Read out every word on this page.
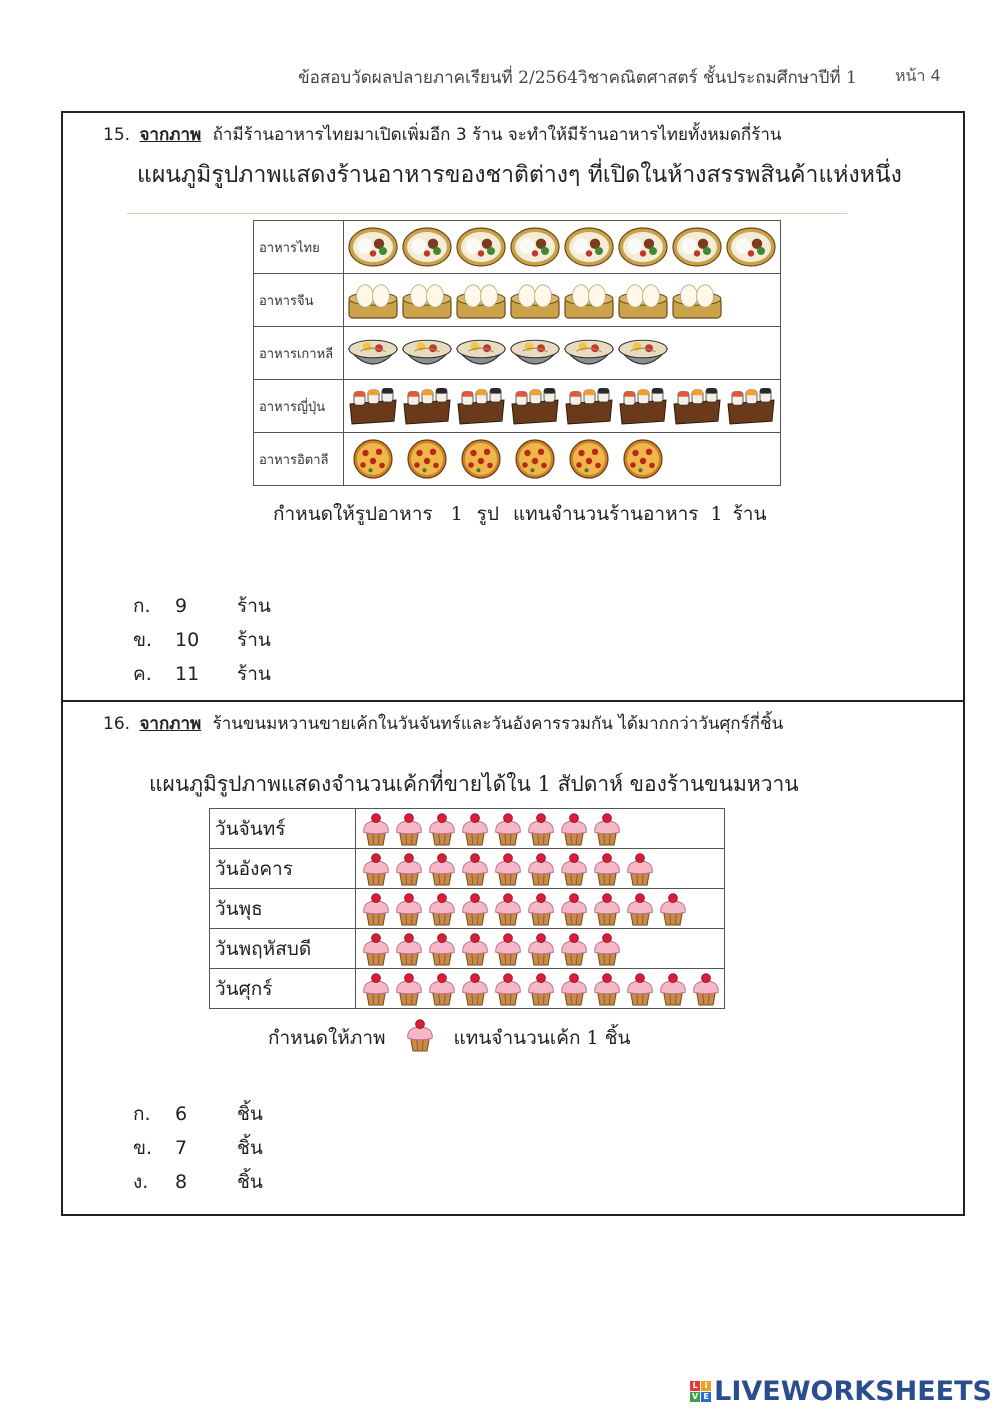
ข้อสอบวัดผลปลายภาคเรียนที่ 2/2564วิชาคณิตศาสตร์ ชั้นประถมศึกษาปีที่ 1 หน้า 4
15. จากภาพ ถ้ามีร้านอาหารไทยมาเปิดเพิ่มอีก 3 ร้าน จะทำให้มีร้านอาหารไทยทั้งหมดกี่ร้าน
แผนภูมิรูปภาพแสดงร้านอาหารของชาติต่างๆ ที่เปิดในห้างสรรพสินค้าแห่งหนึ่ง
อาหารไทย	

อาหารจีน	

อาหารเกาหลี	

อาหารญี่ปุ่น	

อาหารอิตาลี	
กำหนดให้รูปอาหาร 1 รูป แทนจำนวนร้านอาหาร 1 ร้าน
ก. 9	ร้าน
ข. 10 ร้าน
ค. 11 ร้าน
16. จากภาพ ร้านขนมหวานขายเค้กในวันจันทร์และวันอังคารรวมกัน ได้มากกว่าวันศุกร์กี่ชิ้น
แผนภูมิรูปภาพแสดงจำนวนเค้กที่ขายได้ใน 1 สัปดาห์ ของร้านขนมหวาน
วันจันทร์	

วันอังคาร	

วันพุธ	

วันพฤหัสบดี	

วันศุกร์	
กำหนดให้ภาพ	แทนจำนวนเค้ก 1 ชิ้น
ก. 6	ชิ้น
ข. 7	ชิ้น
ง. 8	ชิ้น
L I
V E LIVEWORKSHEETS
